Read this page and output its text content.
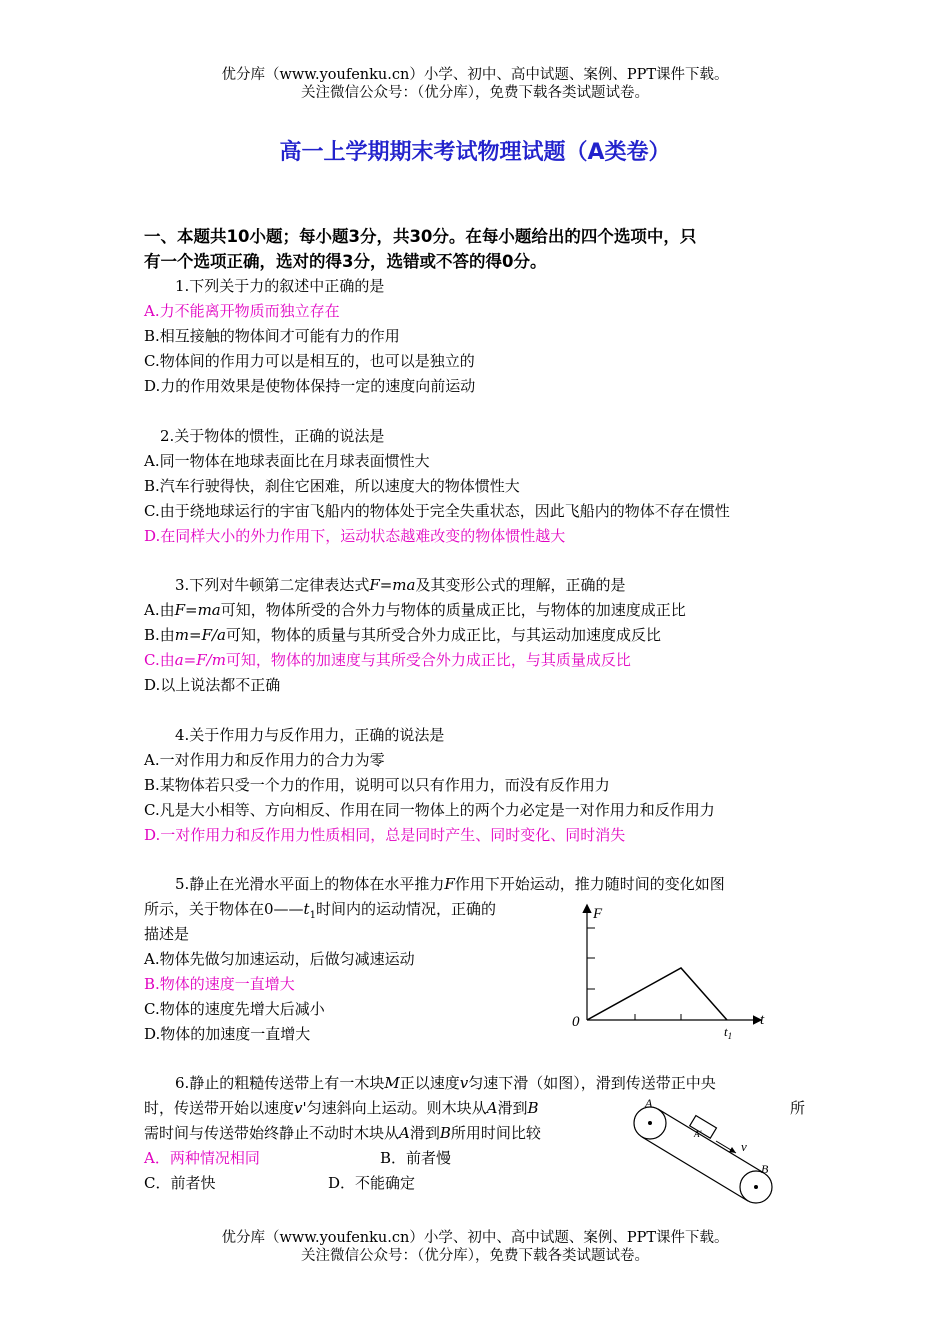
优分库（www.youfenku.cn）小学、初中、高中试题、案例、PPT课件下载。
关注微信公众号：（优分库），免费下载各类试题试卷。
高一上学期期末考试物理试题（A类卷）
一、本题共10小题；每小题3分，共30分。在每小题给出的四个选项中，只
有一个选项正确，选对的得3分，选错或不答的得0分。
1.下列关于力的叙述中正确的是
A.力不能离开物质而独立存在
B.相互接触的物体间才可能有力的作用
C.物体间的作用力可以是相互的，也可以是独立的
D.力的作用效果是使物体保持一定的速度向前运动
2.关于物体的惯性，正确的说法是
A.同一物体在地球表面比在月球表面惯性大
B.汽车行驶得快，刹住它困难，所以速度大的物体惯性大
C.由于绕地球运行的宇宙飞船内的物体处于完全失重状态，因此飞船内的物体不存在惯性
D.在同样大小的外力作用下，运动状态越难改变的物体惯性越大
3.下列对牛顿第二定律表达式F=ma及其变形公式的理解，正确的是
A.由F=ma可知，物体所受的合外力与物体的质量成正比，与物体的加速度成正比
B.由m=F/a可知，物体的质量与其所受合外力成正比，与其运动加速度成反比
C.由a=F/m可知，物体的加速度与其所受合外力成正比，与其质量成反比
D.以上说法都不正确
4.关于作用力与反作用力，正确的说法是
A.一对作用力和反作用力的合力为零
B.某物体若只受一个力的作用，说明可以只有作用力，而没有反作用力
C.凡是大小相等、方向相反、作用在同一物体上的两个力必定是一对作用力和反作用力
D.一对作用力和反作用力性质相同，总是同时产生、同时变化、同时消失
5.静止在光滑水平面上的物体在水平推力F作用下开始运动，推力随时间的变化如图
所示，关于物体在$0——t_1$时间内的运动情况，正确的
描述是
A.物体先做匀加速运动，后做匀减速运动
B.物体的速度一直增大
C.物体的速度先增大后减小
D.物体的加速度一直增大
F
t
0
$t_1$
6.静止的粗糙传送带上有一木块M正以速度v匀速下滑（如图），滑到传送带正中央
时，传送带开始以速度v'匀速斜向上运动。则木块从A滑到B	所
需时间与传送带始终静止不动时木块从A滑到B所用时间比较
A．两种情况相同	B．前者慢
C．前者快	D．不能确定
A'
v
A
B
优分库（www.youfenku.cn）小学、初中、高中试题、案例、PPT课件下载。
关注微信公众号：（优分库），免费下载各类试题试卷。
